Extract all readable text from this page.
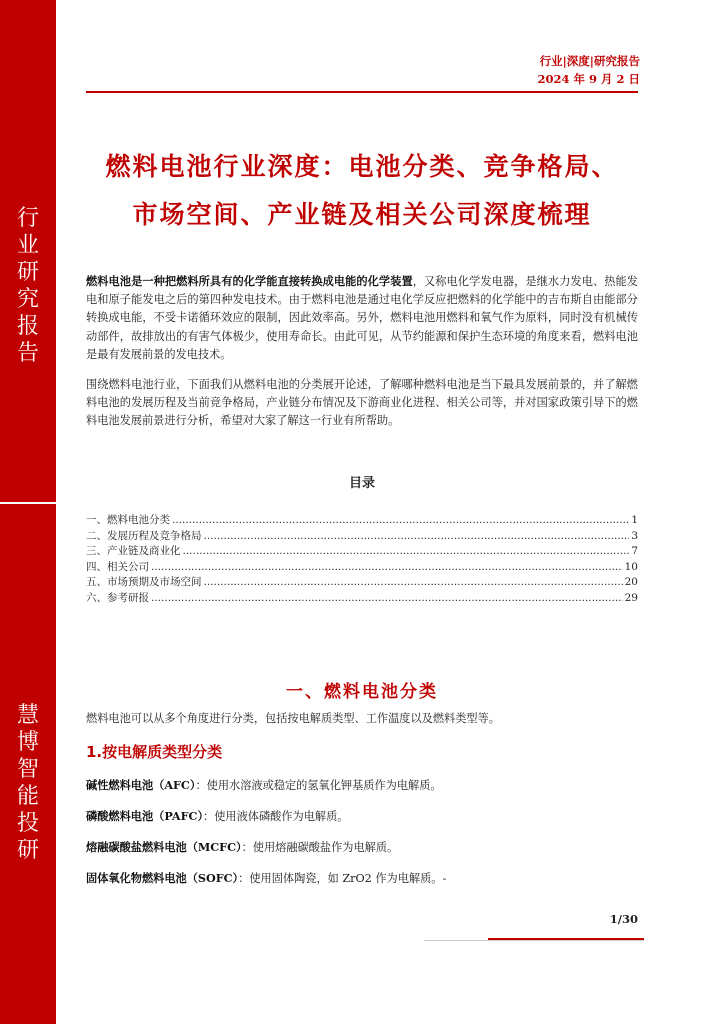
行业研究报告
慧博智能投研
行业|深度|研究报告
2024 年 9 月 2 日
燃料电池行业深度：电池分类、竞争格局、
市场空间、产业链及相关公司深度梳理

燃料电池是一种把燃料所具有的化学能直接转换成电能的化学装置，又称电化学发电器，是继水力发电、热能发电和原子能发电之后的第四种发电技术。由于燃料电池是通过电化学反应把燃料的化学能中的吉布斯自由能部分转换成电能，不受卡诺循环效应的限制，因此效率高。另外，燃料电池用燃料和氧气作为原料，同时没有机械传动部件，故排放出的有害气体极少，使用寿命长。由此可见，从节约能源和保护生态环境的角度来看，燃料电池是最有发展前景的发电技术。

围绕燃料电池行业，下面我们从燃料电池的分类展开论述，了解哪种燃料电池是当下最具发展前景的，并了解燃料电池的发展历程及当前竞争格局，产业链分布情况及下游商业化进程、相关公司等，并对国家政策引导下的燃料电池发展前景进行分析，希望对大家了解这一行业有所帮助。

目录
一、燃料电池分类 .....	1
二、发展历程及竞争格局 .....	3
三、产业链及商业化 .....	7
四、相关公司 .....	10
五、市场预期及市场空间 .....	20
六、参考研报 .....	29
一、燃料电池分类
燃料电池可以从多个角度进行分类，包括按电解质类型、工作温度以及燃料类型等。
1.按电解质类型分类
碱性燃料电池（AFC）：使用水溶液或稳定的氢氧化钾基质作为电解质。
磷酸燃料电池（PAFC）：使用液体磷酸作为电解质。
熔融碳酸盐燃料电池（MCFC）：使用熔融碳酸盐作为电解质。
固体氧化物燃料电池（SOFC）：使用固体陶瓷，如 ZrO2 作为电解质。-
1/30
